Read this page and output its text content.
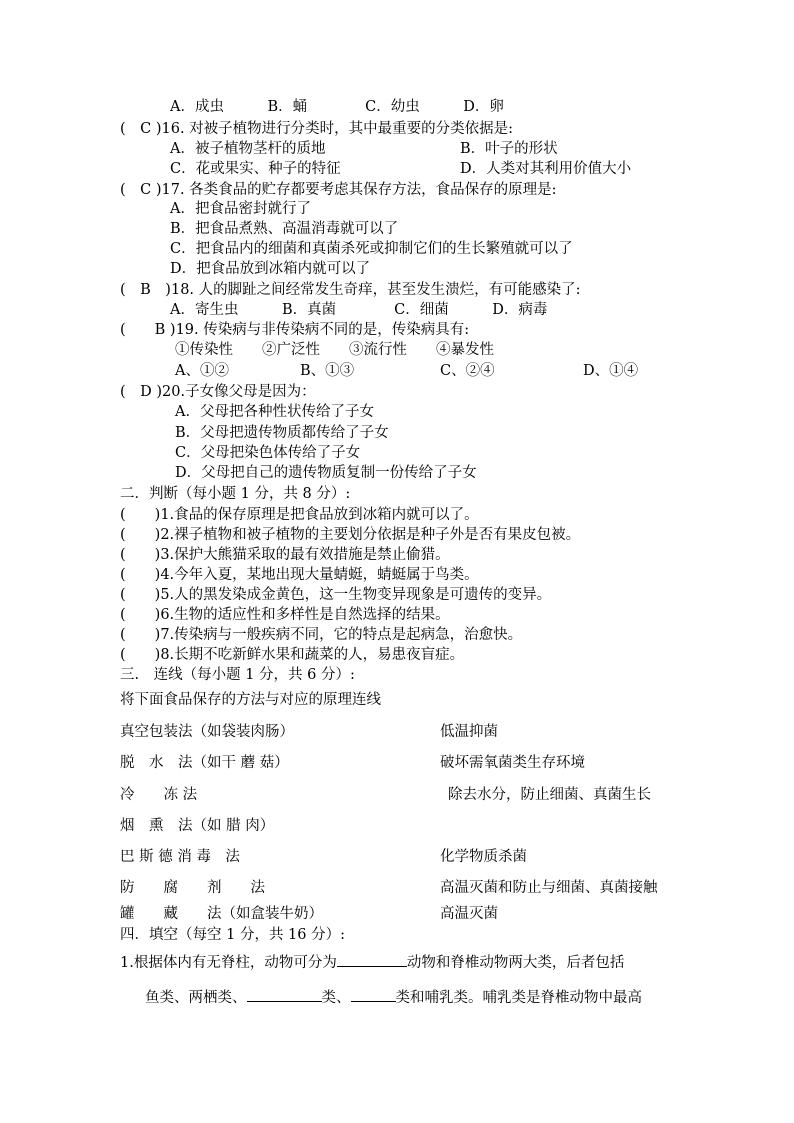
A．成虫　　　B．蛹　　　　C．幼虫　　　D．卵
(　C )16. 对被子植物进行分类时，其中最重要的分类依据是:
A．被子植物茎杆的质地	B．叶子的形状
C．花或果实、种子的特征	D．人类对其利用价值大小
(　C )17. 各类食品的贮存都要考虑其保存方法，食品保存的原理是:
A．把食品密封就行了
B．把食品煮熟、高温消毒就可以了
C．把食品内的细菌和真菌杀死或抑制它们的生长繁殖就可以了
D．把食品放到冰箱内就可以了
(　B　)18. 人的脚趾之间经常发生奇痒，甚至发生溃烂，有可能感染了:
A．寄生虫　　　B．真菌　　　　C．细菌　　　D．病毒
(　　B )19. 传染病与非传染病不同的是，传染病具有:
①传染性　　②广泛性　　③流行性　　④暴发性
A、①②	B、①③	C、②④	D、①④
(　D )20.子女像父母是因为：
A．父母把各种性状传给了子女
B．父母把遗传物质都传给了子女
C．父母把染色体传给了子女
D．父母把自己的遗传物质复制一份传给了子女
二．判断（每小题 1 分，共 8 分）:
(　　)1.食品的保存原理是把食品放到冰箱内就可以了。
(　　)2.裸子植物和被子植物的主要划分依据是种子外是否有果皮包被。
(　　)3.保护大熊猫采取的最有效措施是禁止偷猎。
(　　)4.今年入夏，某地出现大量蜻蜓，蜻蜓属于鸟类。
(　　)5.人的黑发染成金黄色，这一生物变异现象是可遗传的变异。
(　　)6.生物的适应性和多样性是自然选择的结果。
(　　)7.传染病与一般疾病不同，它的特点是起病急，治愈快。
(　　)8.长期不吃新鲜水果和蔬菜的人，易患夜盲症。
三.　连线（每小题 1 分，共 6 分）:
将下面食品保存的方法与对应的原理连线
真空包装法（如袋装肉肠）	低温抑菌
脱　水　法（如干 蘑 菇）	破坏需氧菌类生存环境
冷　　冻 法	除去水分，防止细菌、真菌生长
烟　熏　法（如 腊 肉）
巴 斯 德 消 毒　法	化学物质杀菌
防　　腐　　剂　　法	高温灭菌和防止与细菌、真菌接触
罐　　藏　　法（如盒装牛奶）	高温灭菌
四．填空（每空 1 分，共 16 分）:
1.根据体内有无脊柱，动物可分为	动物和脊椎动物两大类，后者包括
鱼类、两栖类、	类、	类和哺乳类。哺乳类是脊椎动物中最高
